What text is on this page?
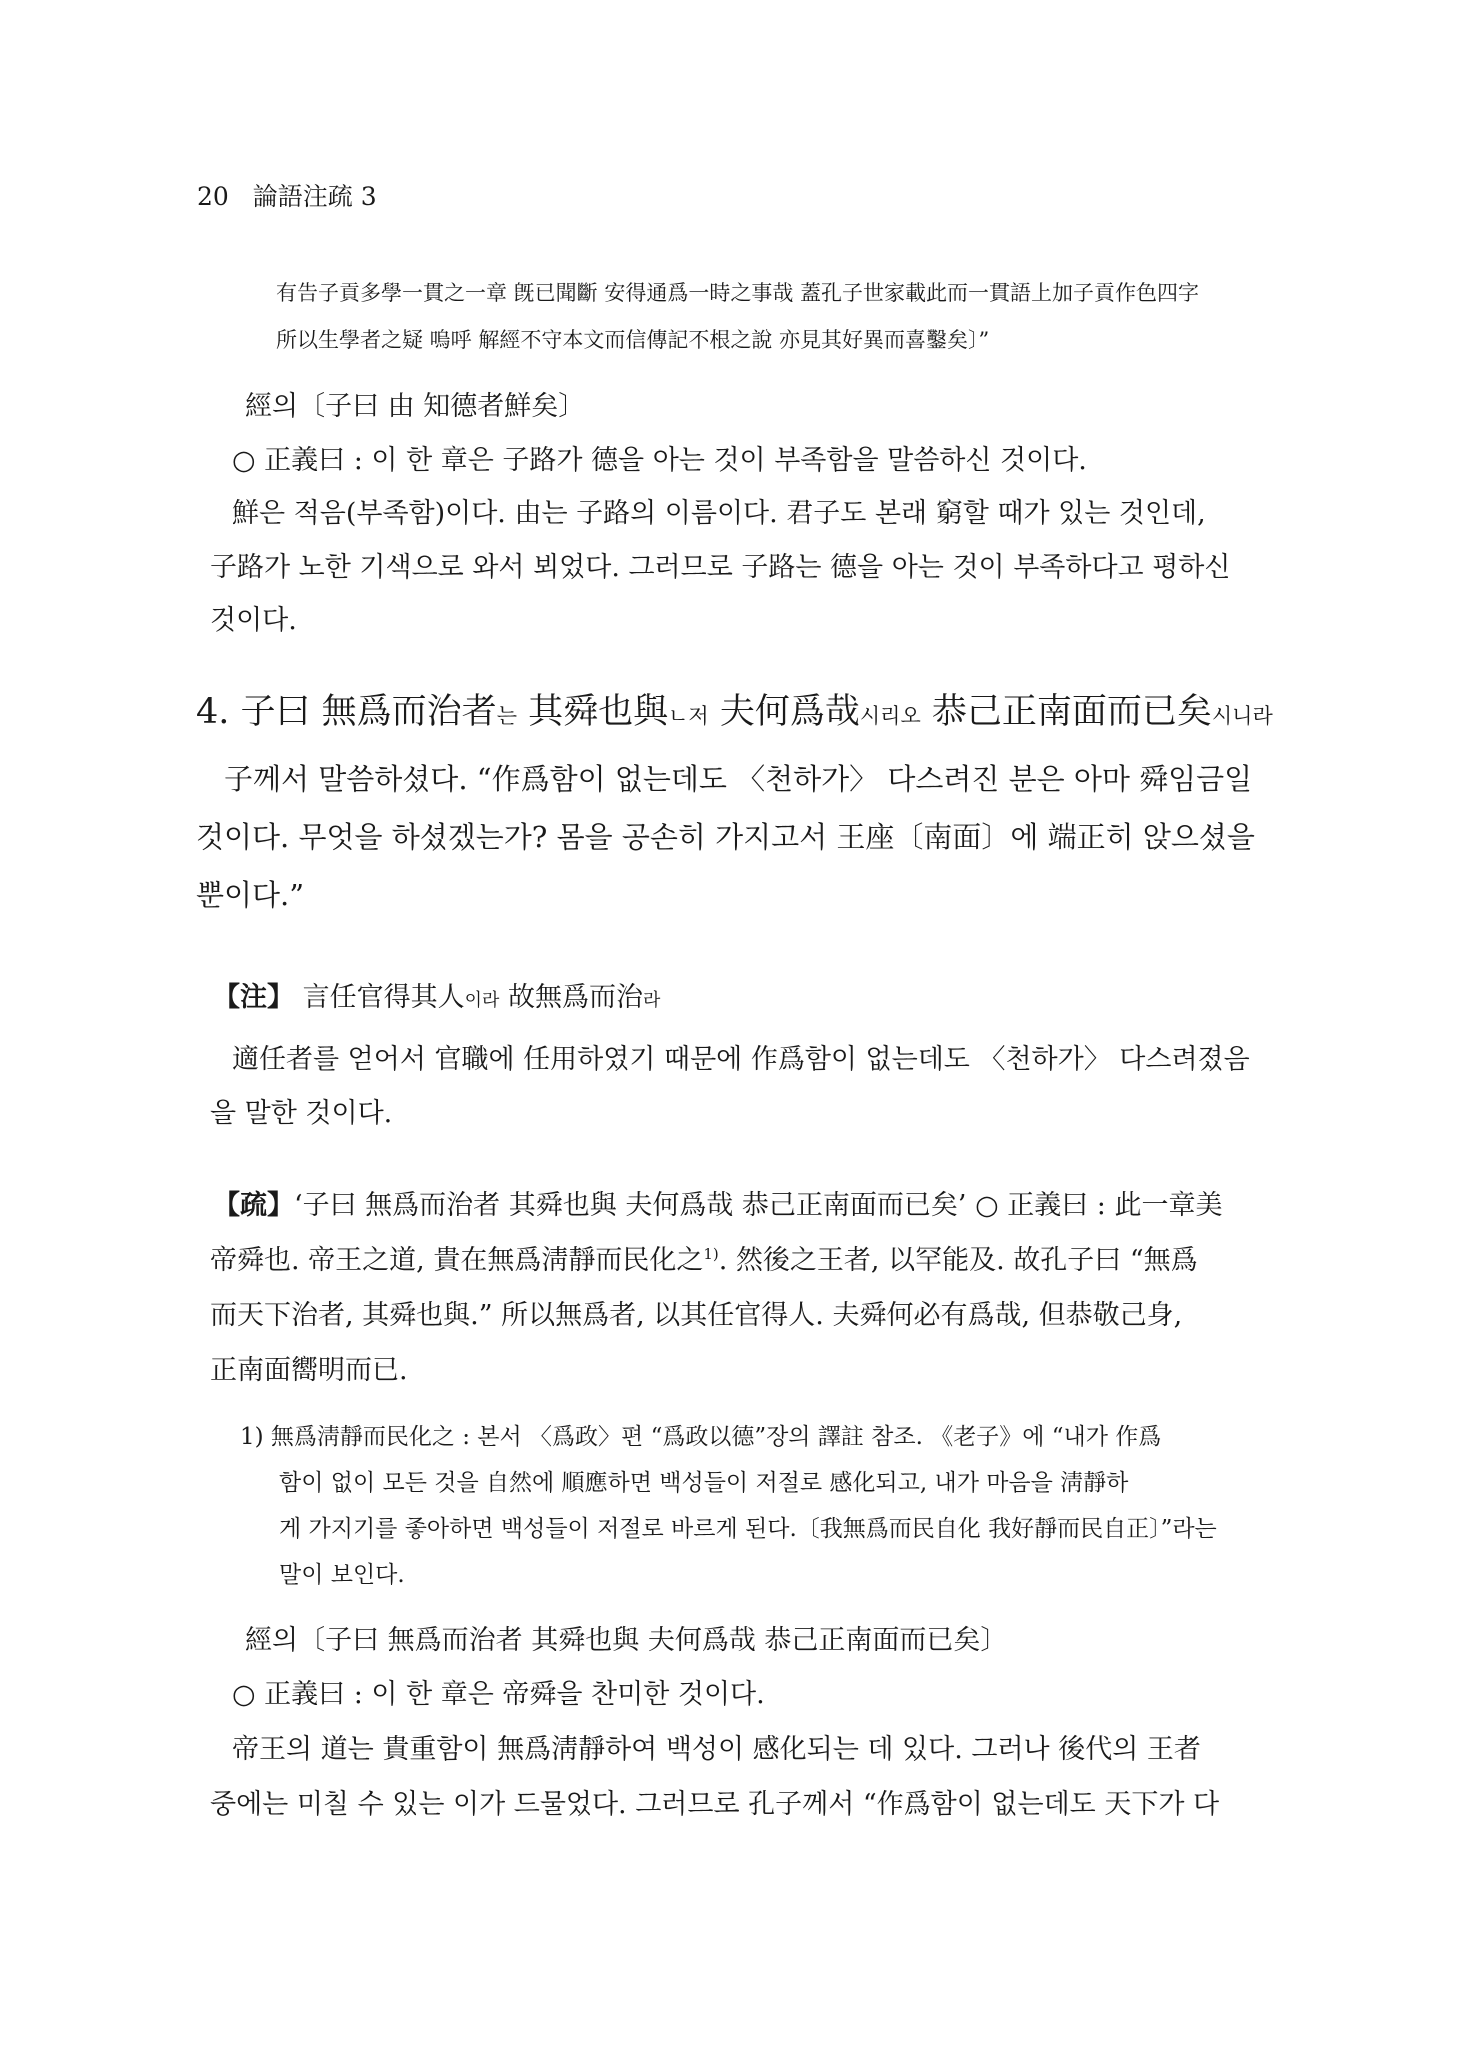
20 論語注疏 3
有告子貢多學一貫之一章 旣已聞斷 安得通爲一時之事哉 蓋孔子世家載此而一貫語上加子貢作色四字
所以生學者之疑 嗚呼 解經不守本文而信傳記不根之說 亦見其好異而喜鑿矣〕”
經의〔子曰 由 知德者鮮矣〕
○ 正義曰 : 이 한 章은 子路가 德을 아는 것이 부족함을 말씀하신 것이다.
鮮은 적음(부족함)이다. 由는 子路의 이름이다. 君子도 본래 窮할 때가 있는 것인데,
子路가 노한 기색으로 와서 뵈었다. 그러므로 子路는 德을 아는 것이 부족하다고 평하신
것이다.
4. 子曰 無爲而治者는 其舜也與ㄴ저 夫何爲哉시리오 恭己正南面而已矣시니라
子께서 말씀하셨다. “作爲함이 없는데도 〈천하가〉 다스려진 분은 아마 舜임금일
것이다. 무엇을 하셨겠는가? 몸을 공손히 가지고서 王座〔南面〕에 端正히 앉으셨을
뿐이다.”
【注】 言任官得其人이라 故無爲而治라
適任者를 얻어서 官職에 任用하였기 때문에 作爲함이 없는데도 〈천하가〉 다스려졌음
을 말한 것이다.
【疏】‘子曰 無爲而治者 其舜也與 夫何爲哉 恭己正南面而已矣’ ○ 正義曰 : 此一章美
帝舜也. 帝王之道, 貴在無爲淸靜而民化之$^{1)}$. 然後之王者, 以罕能及. 故孔子曰 “無爲
而天下治者, 其舜也與.” 所以無爲者, 以其任官得人. 夫舜何必有爲哉, 但恭敬己身,
正南面嚮明而已.
1) 無爲淸靜而民化之 : 본서 〈爲政〉편 “爲政以德”장의 譯註 참조. 《老子》에 “내가 作爲
함이 없이 모든 것을 自然에 順應하면 백성들이 저절로 感化되고, 내가 마음을 淸靜하
게 가지기를 좋아하면 백성들이 저절로 바르게 된다.〔我無爲而民自化 我好靜而民自正〕”라는
말이 보인다.
經의〔子曰 無爲而治者 其舜也與 夫何爲哉 恭己正南面而已矣〕
○ 正義曰 : 이 한 章은 帝舜을 찬미한 것이다.
帝王의 道는 貴重함이 無爲淸靜하여 백성이 感化되는 데 있다. 그러나 後代의 王者
중에는 미칠 수 있는 이가 드물었다. 그러므로 孔子께서 “作爲함이 없는데도 天下가 다
